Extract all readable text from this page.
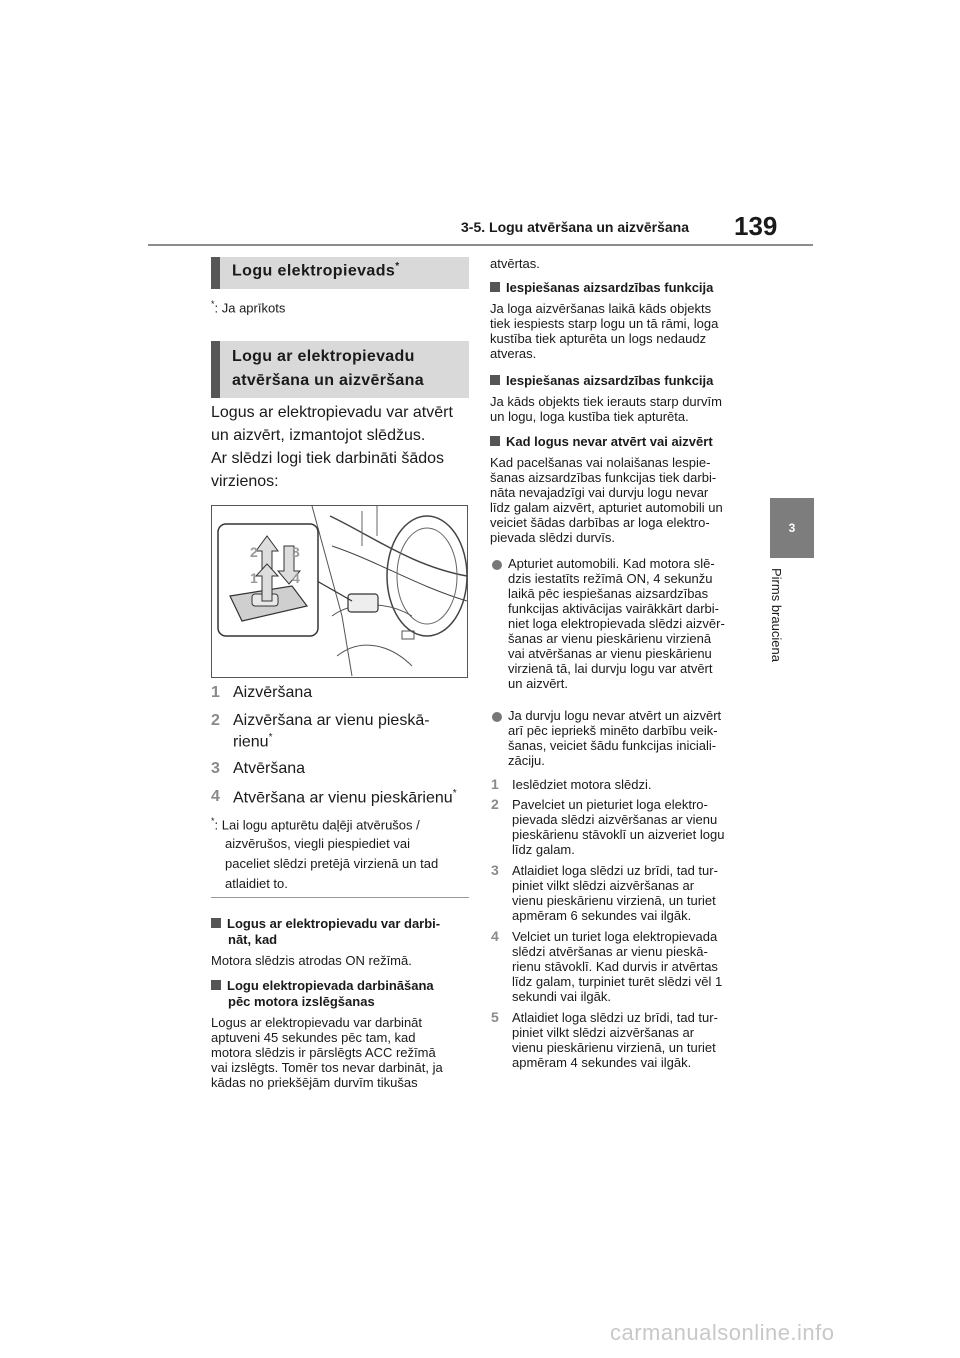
3-5. Logu atvēršana un aizvēršana 139
3
Pirms brauciena
Logu elektropievads*
*: Ja aprīkots
Logu ar elektropievadu
atvēršana un aizvēršana
Logus ar elektropievadu var atvērt
un aizvērt, izmantojot slēdžus.
Ar slēdzi logi tiek darbināti šādos
virzienos:
2 3
1 4
1 Aizvēršana
2 Aizvēršana ar vienu pieskā-
rienu*
3 Atvēršana
4 Atvēršana ar vienu pieskārienu*
*: Lai logu apturētu daļēji atvērušos /
aizvērušos, viegli piespiediet vai
paceliet slēdzi pretējā virzienā un tad
atlaidiet to.
Logus ar elektropievadu var darbi-
nāt, kad
Motora slēdzis atrodas ON režīmā.
Logu elektropievada darbināšana
pēc motora izslēgšanas
Logus ar elektropievadu var darbināt
aptuveni 45 sekundes pēc tam, kad
motora slēdzis ir pārslēgts ACC režīmā
vai izslēgts. Tomēr tos nevar darbināt, ja
kādas no priekšējām durvīm tikušas
atvērtas.
Iespiešanas aizsardzības funkcija
Ja loga aizvēršanas laikā kāds objekts
tiek iespiests starp logu un tā rāmi, loga
kustība tiek apturēta un logs nedaudz
atveras.
Iespiešanas aizsardzības funkcija
Ja kāds objekts tiek ierauts starp durvīm
un logu, loga kustība tiek apturēta.
Kad logus nevar atvērt vai aizvērt
Kad pacelšanas vai nolaišanas lespie-
šanas aizsardzības funkcijas tiek darbi-
nāta nevajadzīgi vai durvju logu nevar
līdz galam aizvērt, apturiet automobili un
veiciet šādas darbības ar loga elektro-
pievada slēdzi durvīs.
Apturiet automobili. Kad motora slē-
dzis iestatīts režīmā ON, 4 sekunžu
laikā pēc iespiešanas aizsardzības
funkcijas aktivācijas vairākkārt darbi-
niet loga elektropievada slēdzi aizvēr-
šanas ar vienu pieskārienu virzienā
vai atvēršanas ar vienu pieskārienu
virzienā tā, lai durvju logu var atvērt
un aizvērt.
Ja durvju logu nevar atvērt un aizvērt
arī pēc iepriekš minēto darbību veik-
šanas, veiciet šādu funkcijas iniciali-
zāciju.
1 Ieslēdziet motora slēdzi.
2 Pavelciet un pieturiet loga elektro-
pievada slēdzi aizvēršanas ar vienu
pieskārienu stāvoklī un aizveriet logu
līdz galam.
3 Atlaidiet loga slēdzi uz brīdi, tad tur-
piniet vilkt slēdzi aizvēršanas ar
vienu pieskārienu virzienā, un turiet
apmēram 6 sekundes vai ilgāk.
4 Velciet un turiet loga elektropievada
slēdzi atvēršanas ar vienu pieskā-
rienu stāvoklī. Kad durvis ir atvērtas
līdz galam, turpiniet turēt slēdzi vēl 1
sekundi vai ilgāk.
5 Atlaidiet loga slēdzi uz brīdi, tad tur-
piniet vilkt slēdzi aizvēršanas ar
vienu pieskārienu virzienā, un turiet
apmēram 4 sekundes vai ilgāk.
carmanualsonline.info
